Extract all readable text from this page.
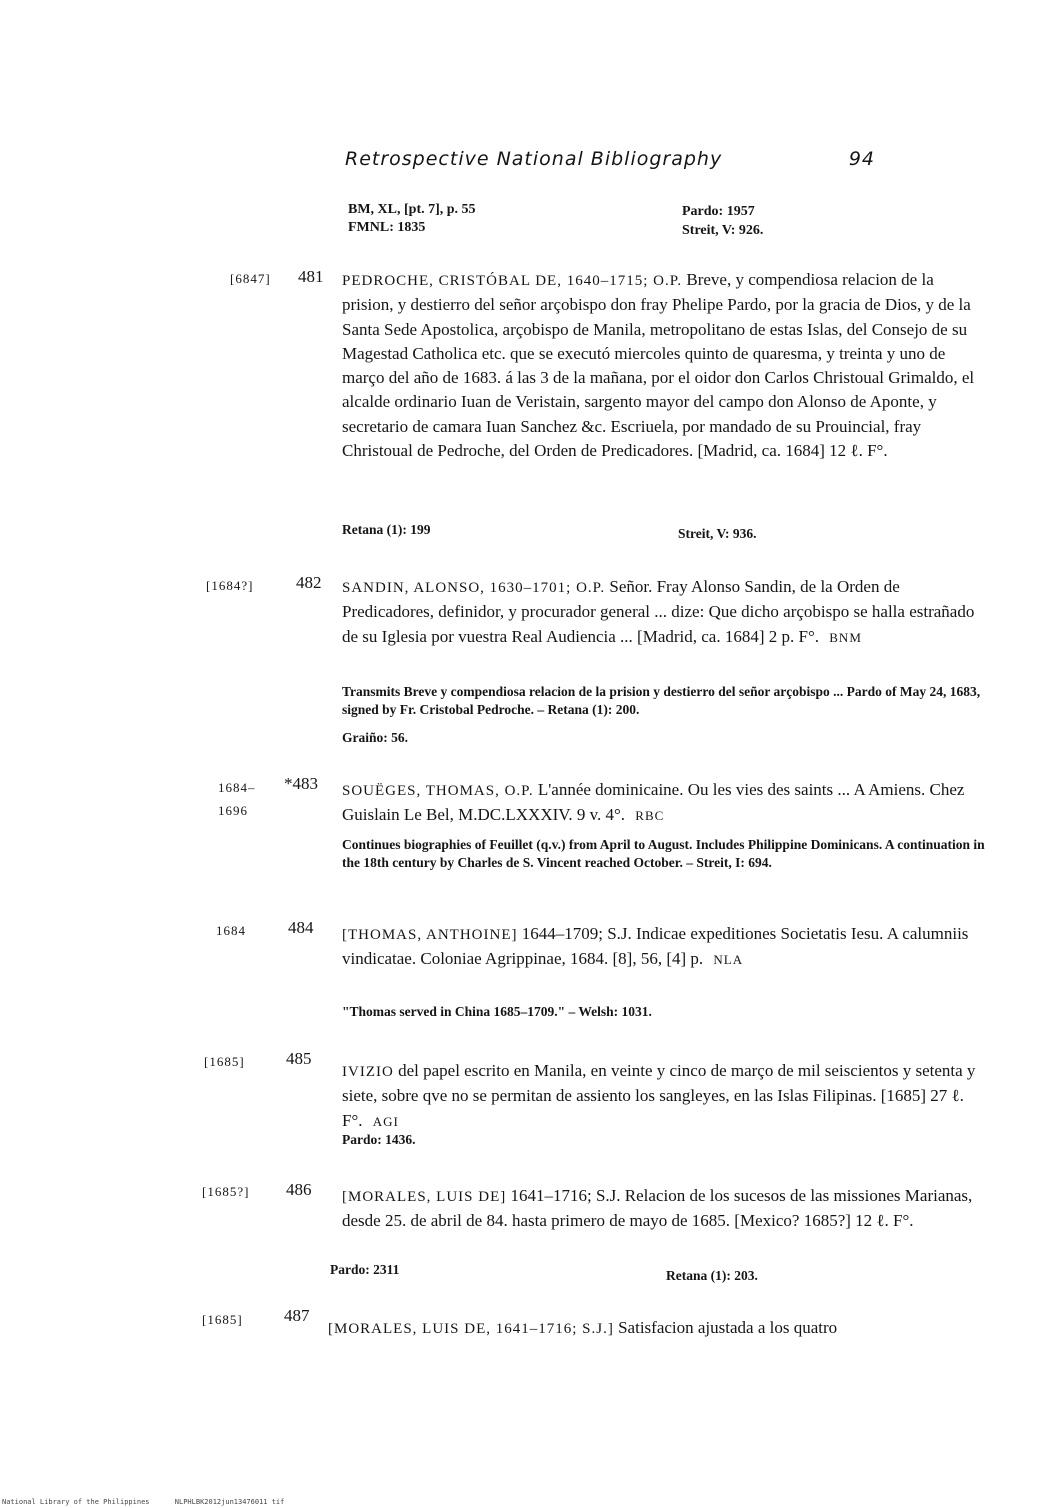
Retrospective National Bibliography	94
BM, XL, [pt. 7], p. 55
FMNL: 1835
Pardo: 1957
Streit, V: 926.
[6847] 481 PEDROCHE, CRISTÓBAL DE, 1640–1715; O.P. Breve, y compendiosa relacion de la prision, y destierro del señor arçobispo don fray Phelipe Pardo, por la gracia de Dios, y de la Santa Sede Apostolica, arçobispo de Manila, metropolitano de estas Islas, del Consejo de su Magestad Catholica etc. que se executó miercoles quinto de quaresma, y treinta y uno de março del año de 1683. á las 3 de la mañana, por el oidor don Carlos Christoual Grimaldo, el alcalde ordinario Iuan de Veristain, sargento mayor del campo don Alonso de Aponte, y secretario de camara Iuan Sanchez &c. Escriuela, por mandado de su Prouincial, fray Christoual de Pedroche, del Orden de Predicadores. [Madrid, ca. 1684] 12 ℓ. F°.
Retana (1): 199	Streit, V: 936.
[1684?]	482 SANDIN, ALONSO, 1630–1701; O.P. Señor. Fray Alonso Sandin, de la Orden de Predicadores, definidor, y procurador general ... dize: Que dicho arçobispo se halla estrañado de su Iglesia por vuestra Real Audiencia ... [Madrid, ca. 1684] 2 p. F°. BNM
Transmits Breve y compendiosa relacion de la prision y destierro del señor arçobispo ... Pardo of May 24, 1683, signed by Fr. Cristobal Pedroche. – Retana (1): 200.
Graiño: 56.
1684–
1696
*483 SOUËGES, THOMAS, O.P. L'année dominicaine. Ou les vies des saints ... A Amiens. Chez Guislain Le Bel, M.DC.LXXXIV. 9 v. 4°. RBC
Continues biographies of Feuillet (q.v.) from April to August. Includes Philippine Dominicans. A continuation in the 18th century by Charles de S. Vincent reached October. – Streit, I: 694.
1684 484 [THOMAS, ANTHOINE] 1644–1709; S.J. Indicae expeditiones Societatis Iesu. A calumniis vindicatae. Coloniae Agrippinae, 1684. [8], 56, [4] p. NLA
"Thomas served in China 1685–1709." – Welsh: 1031.
[1685] 485
IVIZIO del papel escrito en Manila, en veinte y cinco de março de mil seiscientos y setenta y siete, sobre qve no se permitan de assiento los sangleyes, en las Islas Filipinas. [1685] 27 ℓ. F°. AGI
Pardo: 1436.
[1685?] 486 [MORALES, LUIS DE] 1641–1716; S.J. Relacion de los sucesos de las missiones Marianas, desde 25. de abril de 84. hasta primero de mayo de 1685. [Mexico? 1685?] 12 ℓ. F°.
Pardo: 2311	Retana (1): 203.
[1685] 487
[MORALES, LUIS DE, 1641–1716; S.J.] Satisfacion ajustada a los quatro
National Library of the Philippines      NLPHLBK2012jun13476011 tif
